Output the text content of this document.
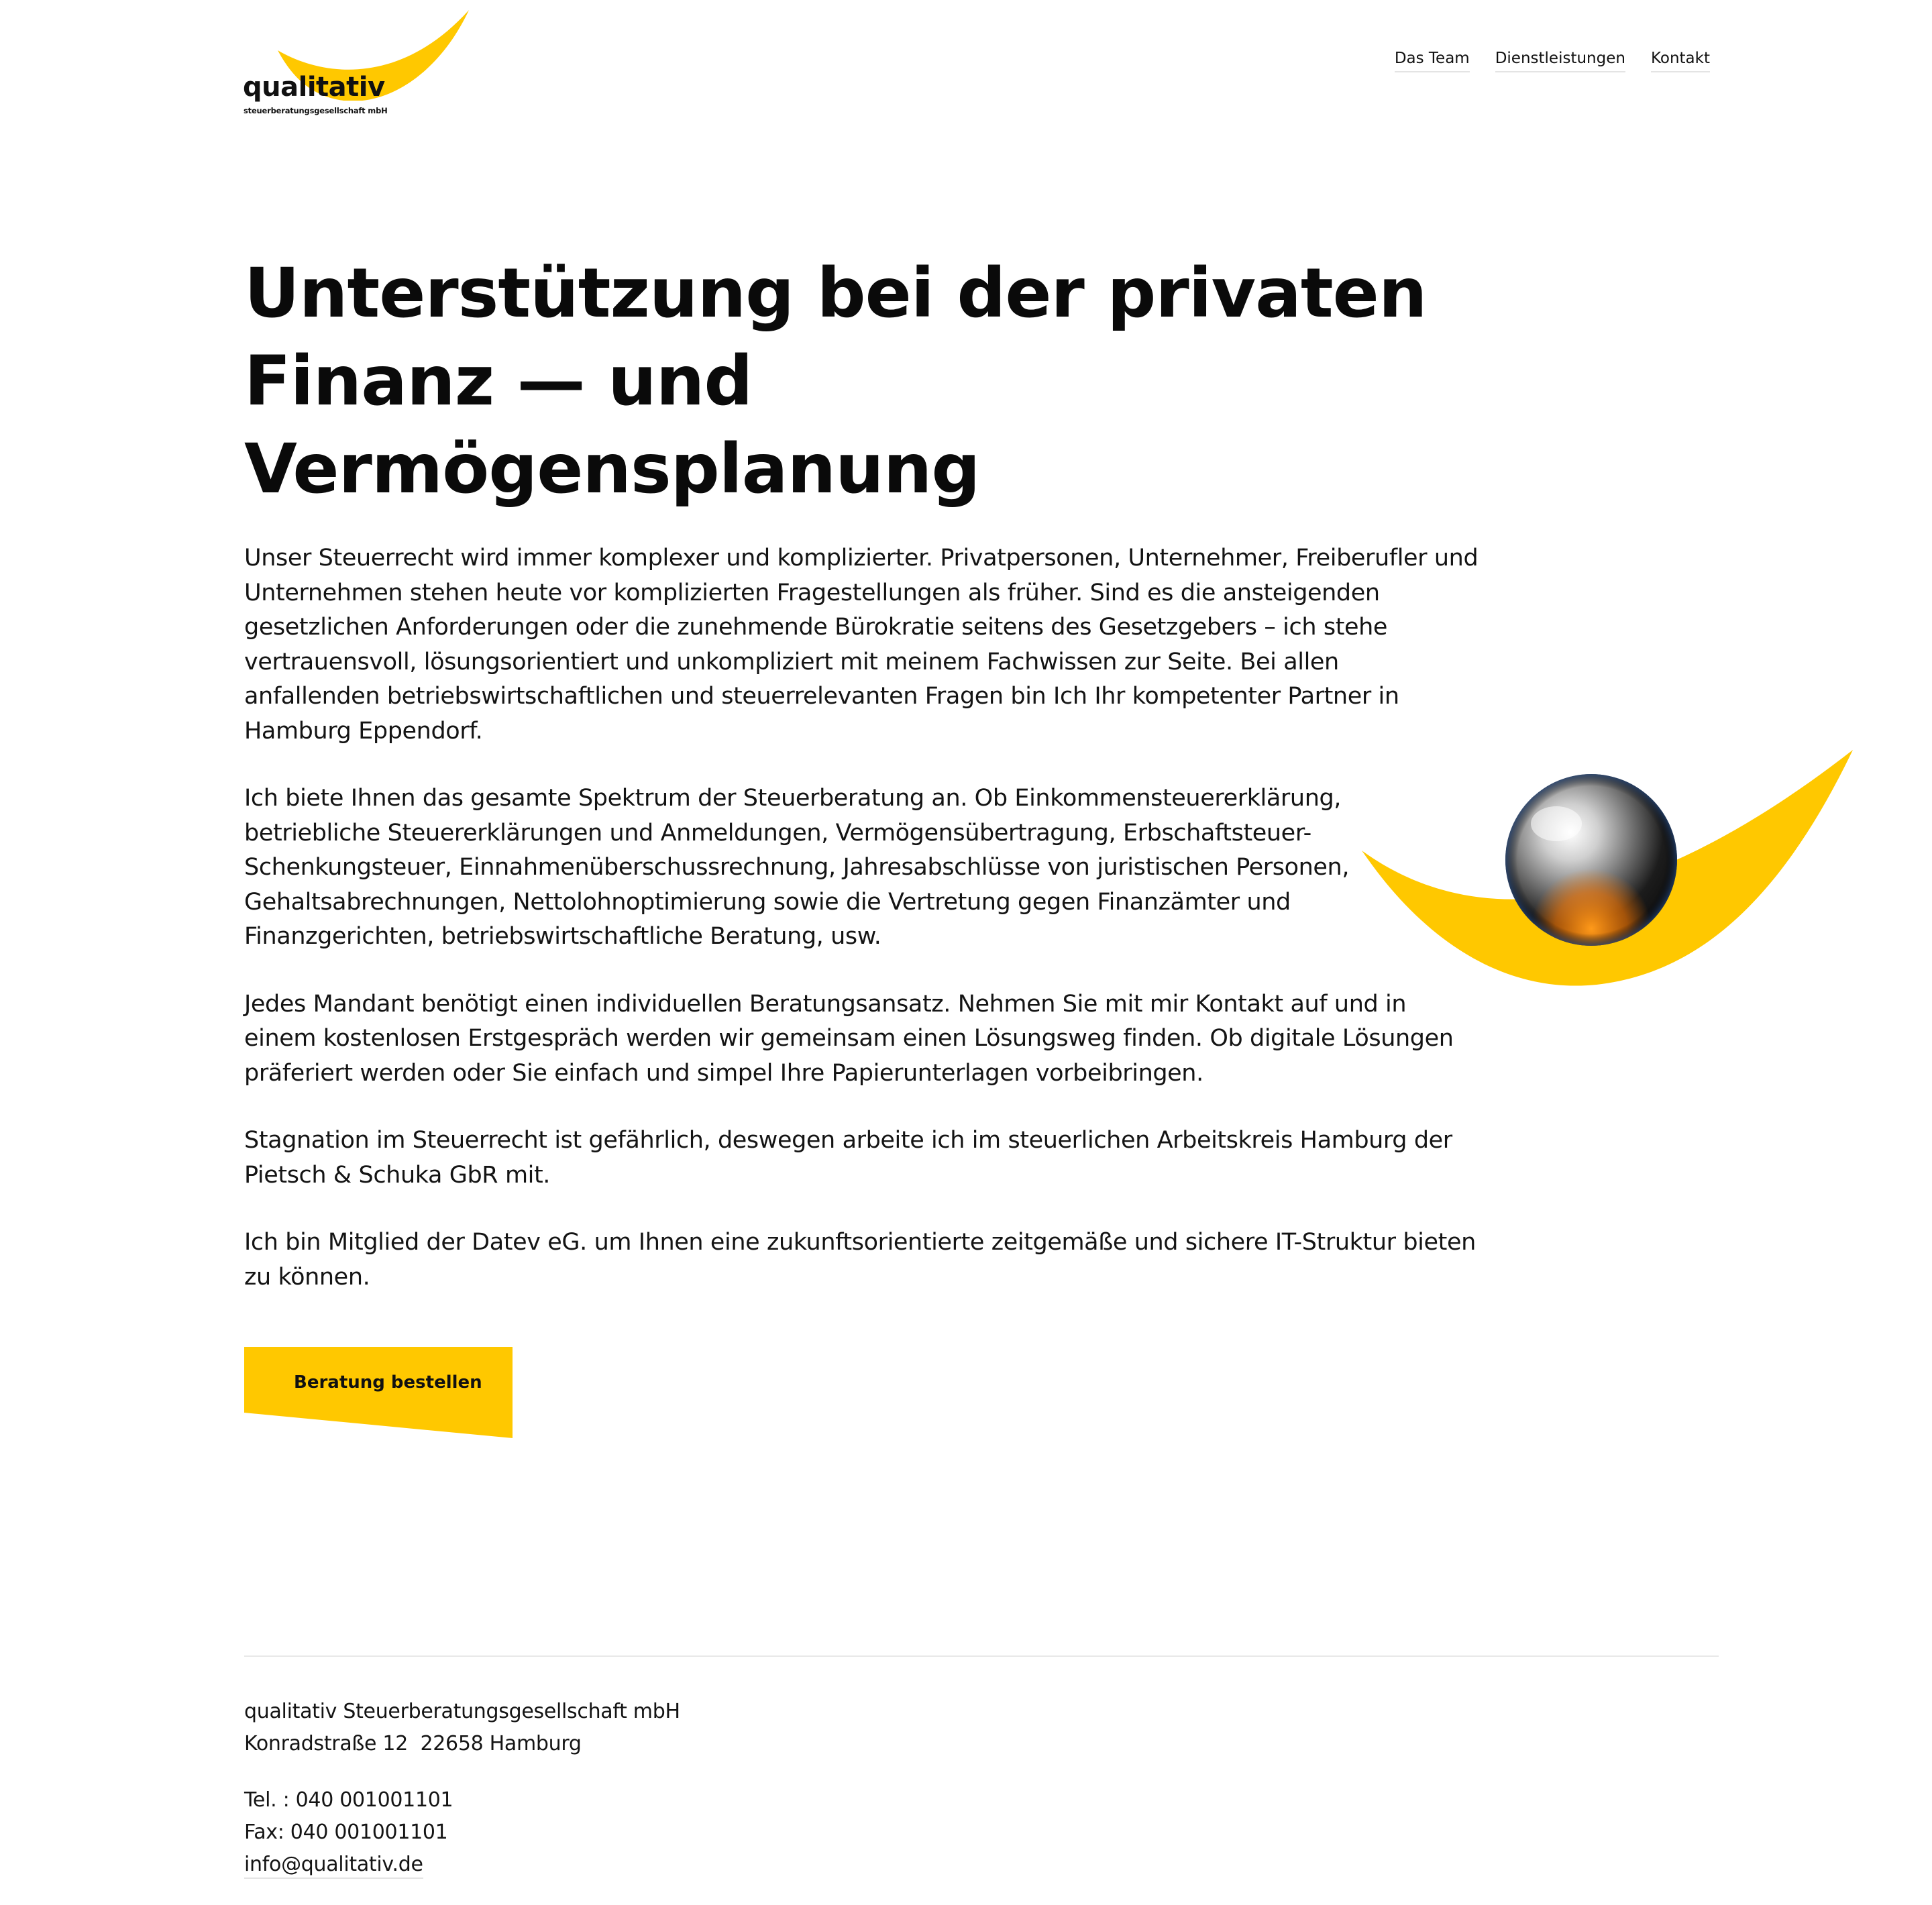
qualitativ
steuerberatungsgesellschaft mbH
Das Team Dienstleistungen Kontakt
Unterstützung bei der privaten
Finanz — und
Vermögensplanung

Unser Steuerrecht wird immer komplexer und komplizierter. Privatpersonen, Unternehmer, Freiberufler und Unternehmen stehen heute vor komplizierten Fragestellungen als früher. Sind es die ansteigenden gesetzlichen Anforderungen oder die zunehmende Bürokratie seitens des Gesetzgebers – ich stehe vertrauensvoll, lösungsorientiert und unkompliziert mit meinem Fachwissen zur Seite. Bei allen anfallenden betriebswirtschaftlichen und steuerrelevanten Fragen bin Ich Ihr kompetenter Partner in Hamburg Eppendorf.

Ich biete Ihnen das gesamte Spektrum der Steuerberatung an. Ob Einkommensteuererklärung, betriebliche Steuererklärungen und Anmeldungen, Vermögensübertragung, Erbschaftsteuer-Schenkungsteuer, Einnahmenüberschussrechnung, Jahresabschlüsse von juristischen Personen, Gehaltsabrechnungen, Nettolohnoptimierung sowie die Vertretung gegen Finanzämter und Finanzgerichten, betriebswirtschaftliche Beratung, usw.

Jedes Mandant benötigt einen individuellen Beratungsansatz. Nehmen Sie mit mir Kontakt auf und in einem kostenlosen Erstgespräch werden wir gemeinsam einen Lösungsweg finden. Ob digitale Lösungen präferiert werden oder Sie einfach und simpel Ihre Papierunterlagen vorbeibringen.

Stagnation im Steuerrecht ist gefährlich, deswegen arbeite ich im steuerlichen Arbeitskreis Hamburg der Pietsch & Schuka GbR mit.

Ich bin Mitglied der Datev eG. um Ihnen eine zukunftsorientierte zeitgemäße und sichere IT-Struktur bieten zu können.

Beratung bestellen
qualitativ Steuerberatungsgesellschaft mbH
Konradstraße 12  22658 Hamburg
Tel. : 040 001001101
Fax: 040 001001101
info@qualitativ.de
